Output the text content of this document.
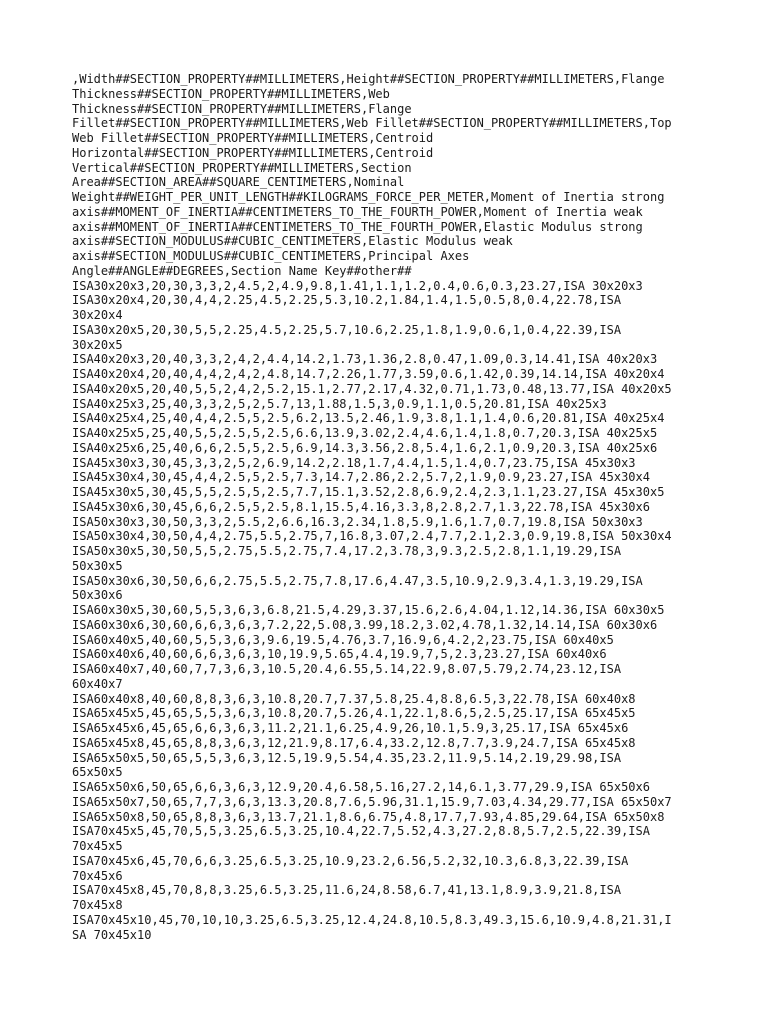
,Width##SECTION_PROPERTY##MILLIMETERS,Height##SECTION_PROPERTY##MILLIMETERS,Flange
Thickness##SECTION_PROPERTY##MILLIMETERS,Web
Thickness##SECTION_PROPERTY##MILLIMETERS,Flange
Fillet##SECTION_PROPERTY##MILLIMETERS,Web Fillet##SECTION_PROPERTY##MILLIMETERS,Top
Web Fillet##SECTION_PROPERTY##MILLIMETERS,Centroid
Horizontal##SECTION_PROPERTY##MILLIMETERS,Centroid
Vertical##SECTION_PROPERTY##MILLIMETERS,Section
Area##SECTION_AREA##SQUARE_CENTIMETERS,Nominal
Weight##WEIGHT_PER_UNIT_LENGTH##KILOGRAMS_FORCE_PER_METER,Moment of Inertia strong
axis##MOMENT_OF_INERTIA##CENTIMETERS_TO_THE_FOURTH_POWER,Moment of Inertia weak
axis##MOMENT_OF_INERTIA##CENTIMETERS_TO_THE_FOURTH_POWER,Elastic Modulus strong
axis##SECTION_MODULUS##CUBIC_CENTIMETERS,Elastic Modulus weak
axis##SECTION_MODULUS##CUBIC_CENTIMETERS,Principal Axes
Angle##ANGLE##DEGREES,Section Name Key##other##
ISA30x20x3,20,30,3,3,2,4.5,2,4.9,9.8,1.41,1.1,1.2,0.4,0.6,0.3,23.27,ISA 30x20x3
ISA30x20x4,20,30,4,4,2.25,4.5,2.25,5.3,10.2,1.84,1.4,1.5,0.5,8,0.4,22.78,ISA
30x20x4
ISA30x20x5,20,30,5,5,2.25,4.5,2.25,5.7,10.6,2.25,1.8,1.9,0.6,1,0.4,22.39,ISA
30x20x5
ISA40x20x3,20,40,3,3,2,4,2,4.4,14.2,1.73,1.36,2.8,0.47,1.09,0.3,14.41,ISA 40x20x3
ISA40x20x4,20,40,4,4,2,4,2,4.8,14.7,2.26,1.77,3.59,0.6,1.42,0.39,14.14,ISA 40x20x4
ISA40x20x5,20,40,5,5,2,4,2,5.2,15.1,2.77,2.17,4.32,0.71,1.73,0.48,13.77,ISA 40x20x5
ISA40x25x3,25,40,3,3,2,5,2,5.7,13,1.88,1.5,3,0.9,1.1,0.5,20.81,ISA 40x25x3
ISA40x25x4,25,40,4,4,2.5,5,2.5,6.2,13.5,2.46,1.9,3.8,1.1,1.4,0.6,20.81,ISA 40x25x4
ISA40x25x5,25,40,5,5,2.5,5,2.5,6.6,13.9,3.02,2.4,4.6,1.4,1.8,0.7,20.3,ISA 40x25x5
ISA40x25x6,25,40,6,6,2.5,5,2.5,6.9,14.3,3.56,2.8,5.4,1.6,2.1,0.9,20.3,ISA 40x25x6
ISA45x30x3,30,45,3,3,2,5,2,6.9,14.2,2.18,1.7,4.4,1.5,1.4,0.7,23.75,ISA 45x30x3
ISA45x30x4,30,45,4,4,2.5,5,2.5,7.3,14.7,2.86,2.2,5.7,2,1.9,0.9,23.27,ISA 45x30x4
ISA45x30x5,30,45,5,5,2.5,5,2.5,7.7,15.1,3.52,2.8,6.9,2.4,2.3,1.1,23.27,ISA 45x30x5
ISA45x30x6,30,45,6,6,2.5,5,2.5,8.1,15.5,4.16,3.3,8,2.8,2.7,1.3,22.78,ISA 45x30x6
ISA50x30x3,30,50,3,3,2,5.5,2,6.6,16.3,2.34,1.8,5.9,1.6,1.7,0.7,19.8,ISA 50x30x3
ISA50x30x4,30,50,4,4,2.75,5.5,2.75,7,16.8,3.07,2.4,7.7,2.1,2.3,0.9,19.8,ISA 50x30x4
ISA50x30x5,30,50,5,5,2.75,5.5,2.75,7.4,17.2,3.78,3,9.3,2.5,2.8,1.1,19.29,ISA
50x30x5
ISA50x30x6,30,50,6,6,2.75,5.5,2.75,7.8,17.6,4.47,3.5,10.9,2.9,3.4,1.3,19.29,ISA
50x30x6
ISA60x30x5,30,60,5,5,3,6,3,6.8,21.5,4.29,3.37,15.6,2.6,4.04,1.12,14.36,ISA 60x30x5
ISA60x30x6,30,60,6,6,3,6,3,7.2,22,5.08,3.99,18.2,3.02,4.78,1.32,14.14,ISA 60x30x6
ISA60x40x5,40,60,5,5,3,6,3,9.6,19.5,4.76,3.7,16.9,6,4.2,2,23.75,ISA 60x40x5
ISA60x40x6,40,60,6,6,3,6,3,10,19.9,5.65,4.4,19.9,7,5,2.3,23.27,ISA 60x40x6
ISA60x40x7,40,60,7,7,3,6,3,10.5,20.4,6.55,5.14,22.9,8.07,5.79,2.74,23.12,ISA
60x40x7
ISA60x40x8,40,60,8,8,3,6,3,10.8,20.7,7.37,5.8,25.4,8.8,6.5,3,22.78,ISA 60x40x8
ISA65x45x5,45,65,5,5,3,6,3,10.8,20.7,5.26,4.1,22.1,8.6,5,2.5,25.17,ISA 65x45x5
ISA65x45x6,45,65,6,6,3,6,3,11.2,21.1,6.25,4.9,26,10.1,5.9,3,25.17,ISA 65x45x6
ISA65x45x8,45,65,8,8,3,6,3,12,21.9,8.17,6.4,33.2,12.8,7.7,3.9,24.7,ISA 65x45x8
ISA65x50x5,50,65,5,5,3,6,3,12.5,19.9,5.54,4.35,23.2,11.9,5.14,2.19,29.98,ISA
65x50x5
ISA65x50x6,50,65,6,6,3,6,3,12.9,20.4,6.58,5.16,27.2,14,6.1,3.77,29.9,ISA 65x50x6
ISA65x50x7,50,65,7,7,3,6,3,13.3,20.8,7.6,5.96,31.1,15.9,7.03,4.34,29.77,ISA 65x50x7
ISA65x50x8,50,65,8,8,3,6,3,13.7,21.1,8.6,6.75,4.8,17.7,7.93,4.85,29.64,ISA 65x50x8
ISA70x45x5,45,70,5,5,3.25,6.5,3.25,10.4,22.7,5.52,4.3,27.2,8.8,5.7,2.5,22.39,ISA
70x45x5
ISA70x45x6,45,70,6,6,3.25,6.5,3.25,10.9,23.2,6.56,5.2,32,10.3,6.8,3,22.39,ISA
70x45x6
ISA70x45x8,45,70,8,8,3.25,6.5,3.25,11.6,24,8.58,6.7,41,13.1,8.9,3.9,21.8,ISA
70x45x8
ISA70x45x10,45,70,10,10,3.25,6.5,3.25,12.4,24.8,10.5,8.3,49.3,15.6,10.9,4.8,21.31,I
SA 70x45x10
